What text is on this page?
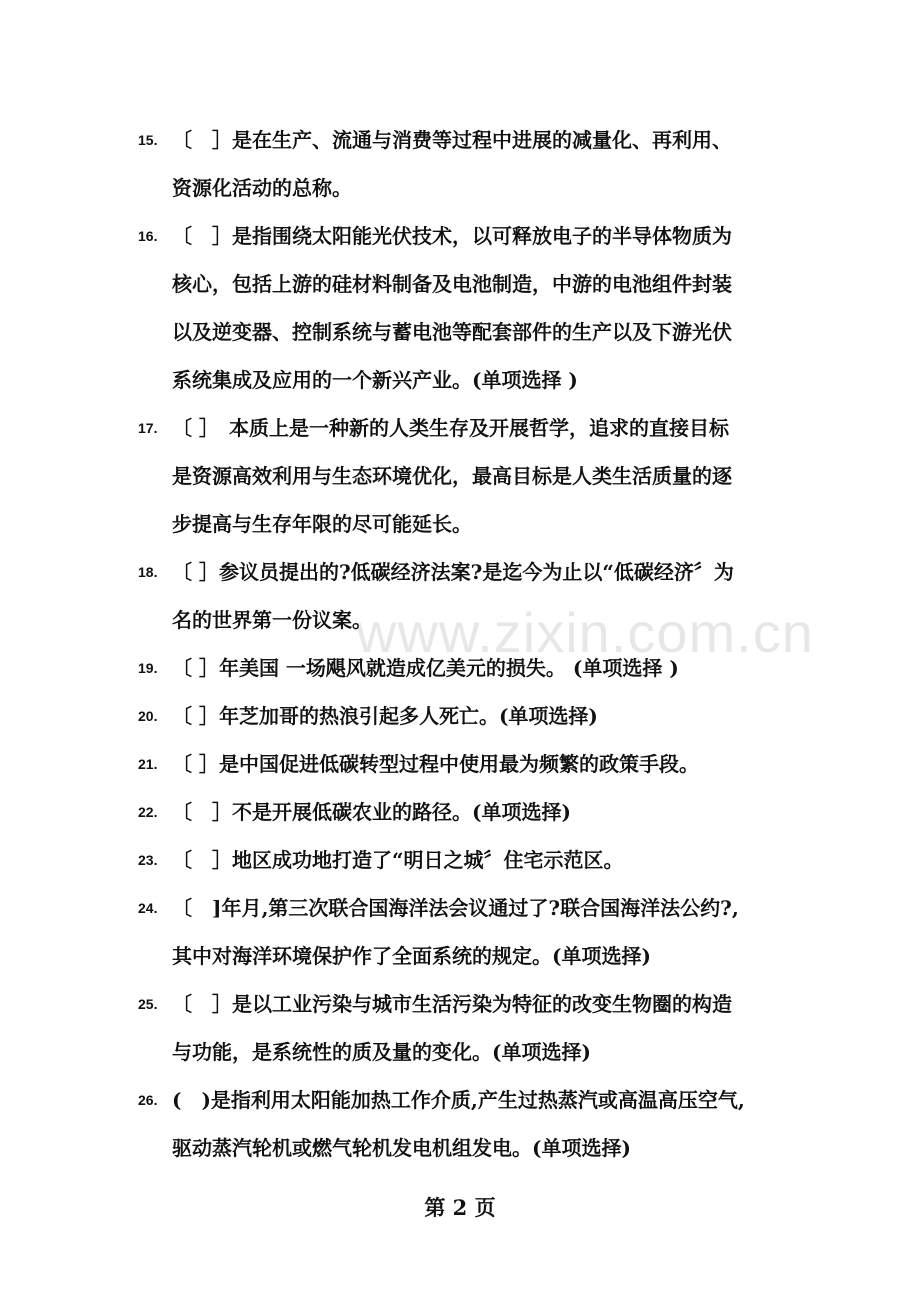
15. 〔　］是在生产、流通与消费等过程中进展的减量化、再利用、
资源化活动的总称。
16. 〔　］是指围绕太阳能光伏技术，以可释放电子的半导体物质为
核心，包括上游的硅材料制备及电池制造，中游的电池组件封装
以及逆变器、控制系统与蓄电池等配套部件的生产以及下游光伏
系统集成及应用的一个新兴产业。(单项选择 )
17. 〔 ］　本质上是一种新的人类生存及开展哲学，追求的直接目标
是资源高效利用与生态环境优化，最高目标是人类生活质量的逐
步提高与生存年限的尽可能延长。
18. 〔 ］参议员提出的?低碳经济法案?是迄今为止以“低碳经济〞为
名的世界第一份议案。
19. 〔 ］年美国 一场飓风就造成亿美元的损失。 (单项选择 )
20. 〔 ］年芝加哥的热浪引起多人死亡。(单项选择)
21. 〔 ］是中国促进低碳转型过程中使用最为频繁的政策手段。
22. 〔　］不是开展低碳农业的路径。(单项选择)
23. 〔　］地区成功地打造了“明日之城〞住宅示范区。
24. 〔　]年月,第三次联合国海洋法会议通过了?联合国海洋法公约?,
其中对海洋环境保护作了全面系统的规定。(单项选择)
25. 〔　］是以工业污染与城市生活污染为特征的改变生物圈的构造
与功能，是系统性的质及量的变化。(单项选择)
26. (　)是指利用太阳能加热工作介质,产生过热蒸汽或高温高压空气,
驱动蒸汽轮机或燃气轮机发电机组发电。(单项选择)
www.zixin.com.cn
第 2 页
